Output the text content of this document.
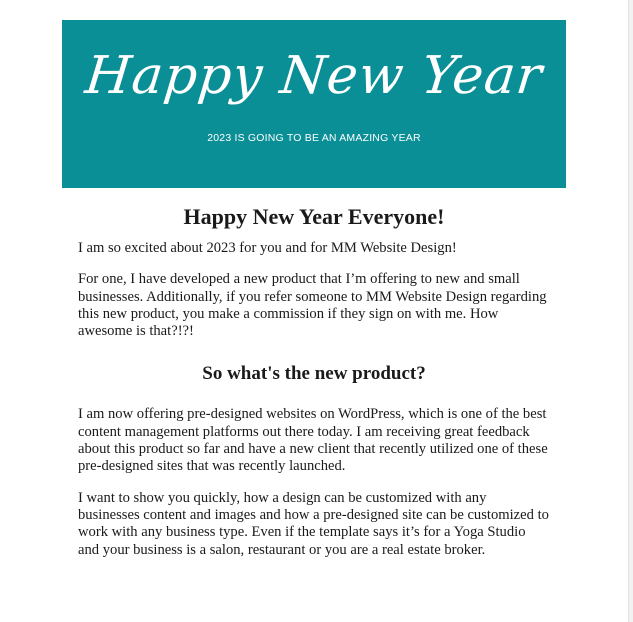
Happy New Year
2023 IS GOING TO BE AN AMAZING YEAR
Happy New Year Everyone!

I am so excited about 2023 for you and for MM Website Design!

For one, I have developed a new product that I’m offering to new and small businesses. Additionally, if you refer someone to MM Website Design regarding this new product, you make a commission if they sign on with me. How awesome is that?!?!

So what's the new product?

I am now offering pre-designed websites on WordPress, which is one of the best content management platforms out there today. I am receiving great feedback about this product so far and have a new client that recently utilized one of these pre-designed sites that was recently launched.

I want to show you quickly, how a design can be customized with any businesses content and images and how a pre-designed site can be customized to work with any business type. Even if the template says it’s for a Yoga Studio and your business is a salon, restaurant or you are a real estate broker.
